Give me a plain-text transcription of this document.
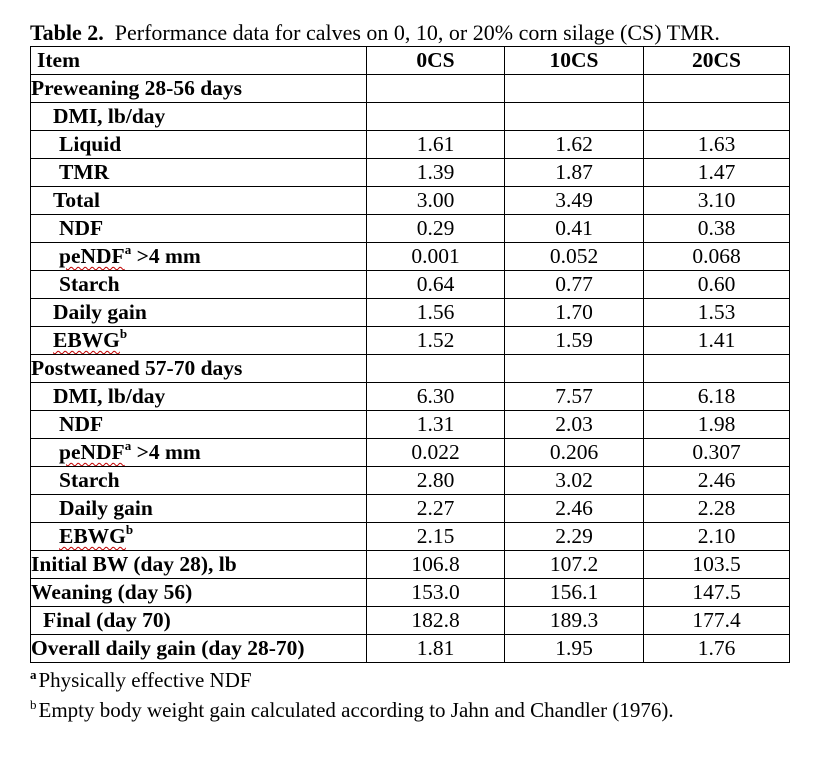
Table 2. Performance data for calves on 0, 10, or 20% corn silage (CS) TMR.
Item	0CS	10CS	20CS
Preweaning 28-56 days			
DMI, lb/day			
Liquid	1.61	1.62	1.63
TMR	1.39	1.87	1.47
Total	3.00	3.49	3.10
NDF	0.29	0.41	0.38
peNDF$^a$ >4 mm	0.001	0.052	0.068
Starch	0.64	0.77	0.60
Daily gain	1.56	1.70	1.53
EBWG$^b$	1.52	1.59	1.41
Postweaned 57-70 days			
DMI, lb/day	6.30	7.57	6.18
NDF	1.31	2.03	1.98
peNDF$^a$ >4 mm	0.022	0.206	0.307
Starch	2.80	3.02	2.46
Daily gain	2.27	2.46	2.28
EBWG$^b$	2.15	2.29	2.10
Initial BW (day 28), lb	106.8	107.2	103.5
Weaning (day 56)	153.0	156.1	147.5
Final (day 70)	182.8	189.3	177.4
Overall daily gain (day 28-70)	1.81	1.95	1.76
$^a$Physically effective NDF
$^b$Empty body weight gain calculated according to Jahn and Chandler (1976).
